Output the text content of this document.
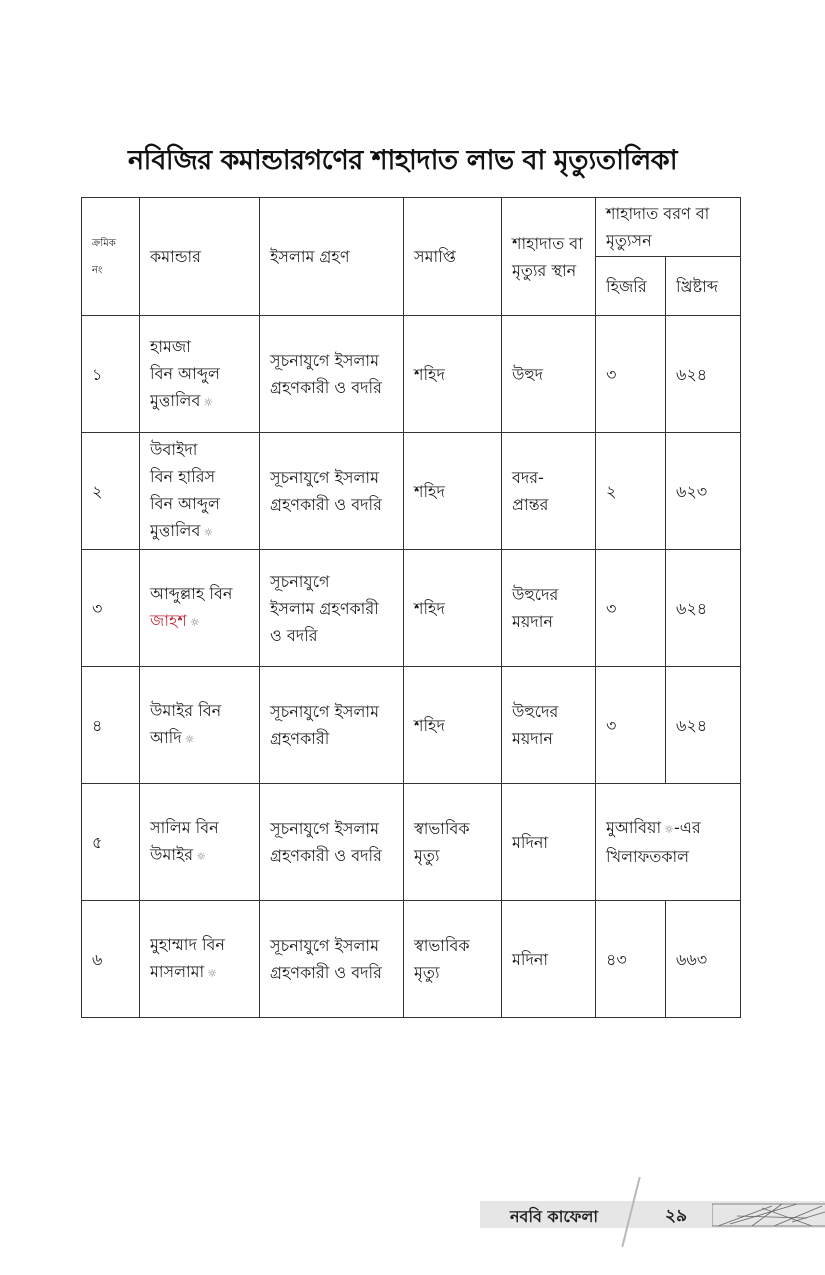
নবিজির কমান্ডারগণের শাহাদাত লাভ বা মৃত্যুতালিকা
ক্রমিক নং	কমান্ডার	ইসলাম গ্রহণ	সমাপ্তি	শাহাদাত বা মৃত্যুর স্থান	শাহাদাত বরণ বা মৃত্যুসন	
					হিজরি	খ্রিষ্টাব্দ
১	হামজা
বিন আব্দুল
মুত্তালিব ☼	সূচনাযুগে ইসলাম
গ্রহণকারী ও বদরি	শহিদ	উহুদ	৩	৬২৪
২	উবাইদা
বিন হারিস
বিন আব্দুল
মুত্তালিব ☼	সূচনাযুগে ইসলাম
গ্রহণকারী ও বদরি	শহিদ	বদর-
প্রান্তর	২	৬২৩
৩	আব্দুল্লাহ বিন
জাহশ ☼	সূচনাযুগে
ইসলাম গ্রহণকারী
ও বদরি	শহিদ	উহুদের
ময়দান	৩	৬২৪
৪	উমাইর বিন
আদি ☼	সূচনাযুগে ইসলাম
গ্রহণকারী	শহিদ	উহুদের
ময়দান	৩	৬২৪
৫	সালিম বিন
উমাইর ☼	সূচনাযুগে ইসলাম
গ্রহণকারী ও বদরি	স্বাভাবিক
মৃত্যু	মদিনা	মুআবিয়া ☼-এর
খিলাফতকাল	
৬	মুহাম্মাদ বিন
মাসলামা ☼	সূচনাযুগে ইসলাম
গ্রহণকারী ও বদরি	স্বাভাবিক
মৃত্যু	মদিনা	৪৩	৬৬৩
নববি কাফেলা	২৯
